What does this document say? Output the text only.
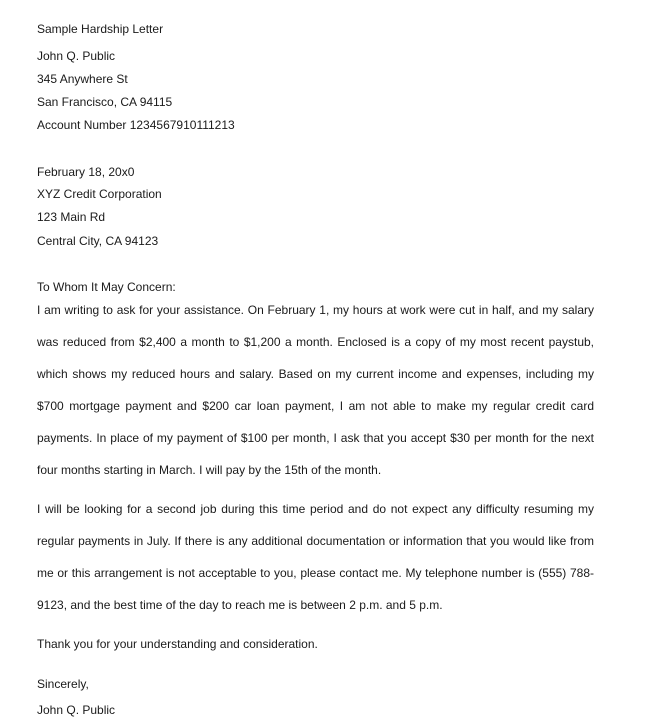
Sample Hardship Letter
John Q. Public
345 Anywhere St
San Francisco, CA 94115
Account Number 1234567910111213
February 18, 20x0
XYZ Credit Corporation
123 Main Rd
Central City, CA 94123
To Whom It May Concern:

I am writing to ask for your assistance. On February 1, my hours at work were cut in half, and my salary was reduced from $2,400 a month to $1,200 a month. Enclosed is a copy of my most recent paystub, which shows my reduced hours and salary. Based on my current income and expenses, including my $700 mortgage payment and $200 car loan payment, I am not able to make my regular credit card payments. In place of my payment of $100 per month, I ask that you accept $30 per month for the next four months starting in March. I will pay by the 15th of the month.

I will be looking for a second job during this time period and do not expect any difficulty resuming my regular payments in July. If there is any additional documentation or information that you would like from me or this arrangement is not acceptable to you, please contact me. My telephone number is (555) 788-9123, and the best time of the day to reach me is between 2 p.m. and 5 p.m.

Thank you for your understanding and consideration.
Sincerely,
John Q. Public
